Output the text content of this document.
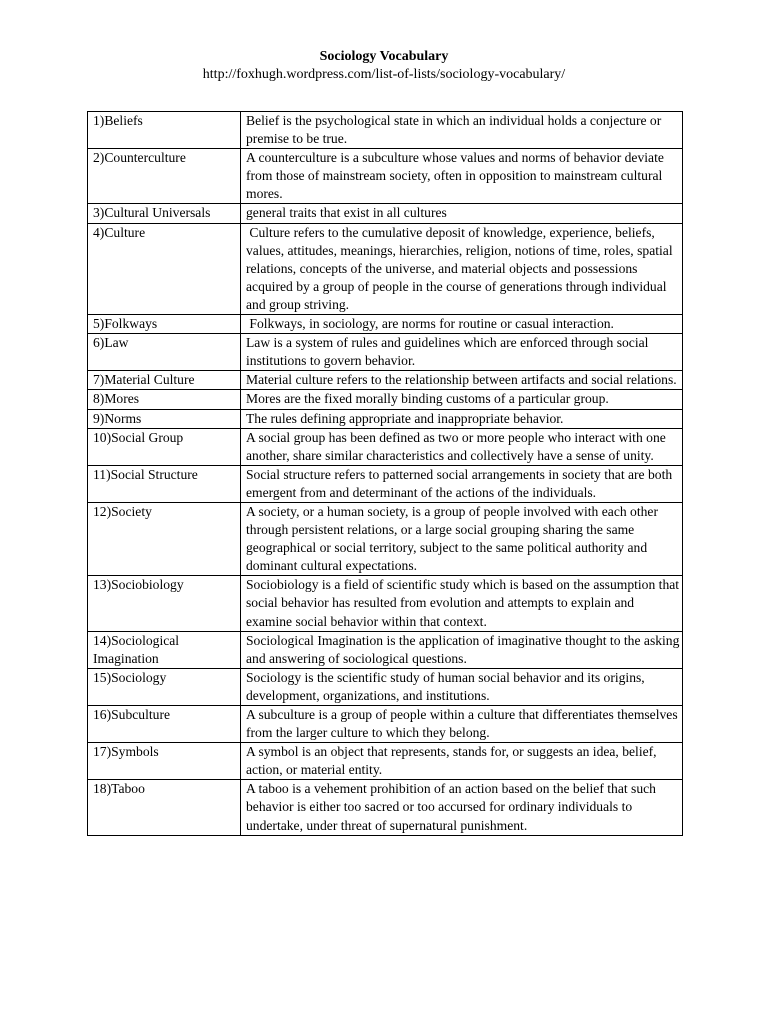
Sociology Vocabulary
http://foxhugh.wordpress.com/list-of-lists/sociology-vocabulary/
1)Beliefs	Belief is the psychological state in which an individual holds a conjecture or premise to be true.
2)Counterculture	A counterculture is a subculture whose values and norms of behavior deviate from those of mainstream society, often in opposition to mainstream cultural mores.
3)Cultural Universals	general traits that exist in all cultures
4)Culture	Culture refers to the cumulative deposit of knowledge, experience, beliefs, values, attitudes, meanings, hierarchies, religion, notions of time, roles, spatial relations, concepts of the universe, and material objects and possessions acquired by a group of people in the course of generations through individual and group striving.
5)Folkways	Folkways, in sociology, are norms for routine or casual interaction.
6)Law	Law is a system of rules and guidelines which are enforced through social institutions to govern behavior.
7)Material Culture	Material culture refers to the relationship between artifacts and social relations.
8)Mores	Mores are the fixed morally binding customs of a particular group.
9)Norms	The rules defining appropriate and inappropriate behavior.
10)Social Group	A social group has been defined as two or more people who interact with one another, share similar characteristics and collectively have a sense of unity.
11)Social Structure	Social structure refers to patterned social arrangements in society that are both emergent from and determinant of the actions of the individuals.
12)Society	A society, or a human society, is a group of people involved with each other through persistent relations, or a large social grouping sharing the same geographical or social territory, subject to the same political authority and dominant cultural expectations.
13)Sociobiology	Sociobiology is a field of scientific study which is based on the assumption that social behavior has resulted from evolution and attempts to explain and examine social behavior within that context.
14)Sociological Imagination	Sociological Imagination is the application of imaginative thought to the asking and answering of sociological questions.
15)Sociology	Sociology is the scientific study of human social behavior and its origins, development, organizations, and institutions.
16)Subculture	A subculture is a group of people within a culture that differentiates themselves from the larger culture to which they belong.
17)Symbols	A symbol is an object that represents, stands for, or suggests an idea, belief, action, or material entity.
18)Taboo	A taboo is a vehement prohibition of an action based on the belief that such behavior is either too sacred or too accursed for ordinary individuals to undertake, under threat of supernatural punishment.
